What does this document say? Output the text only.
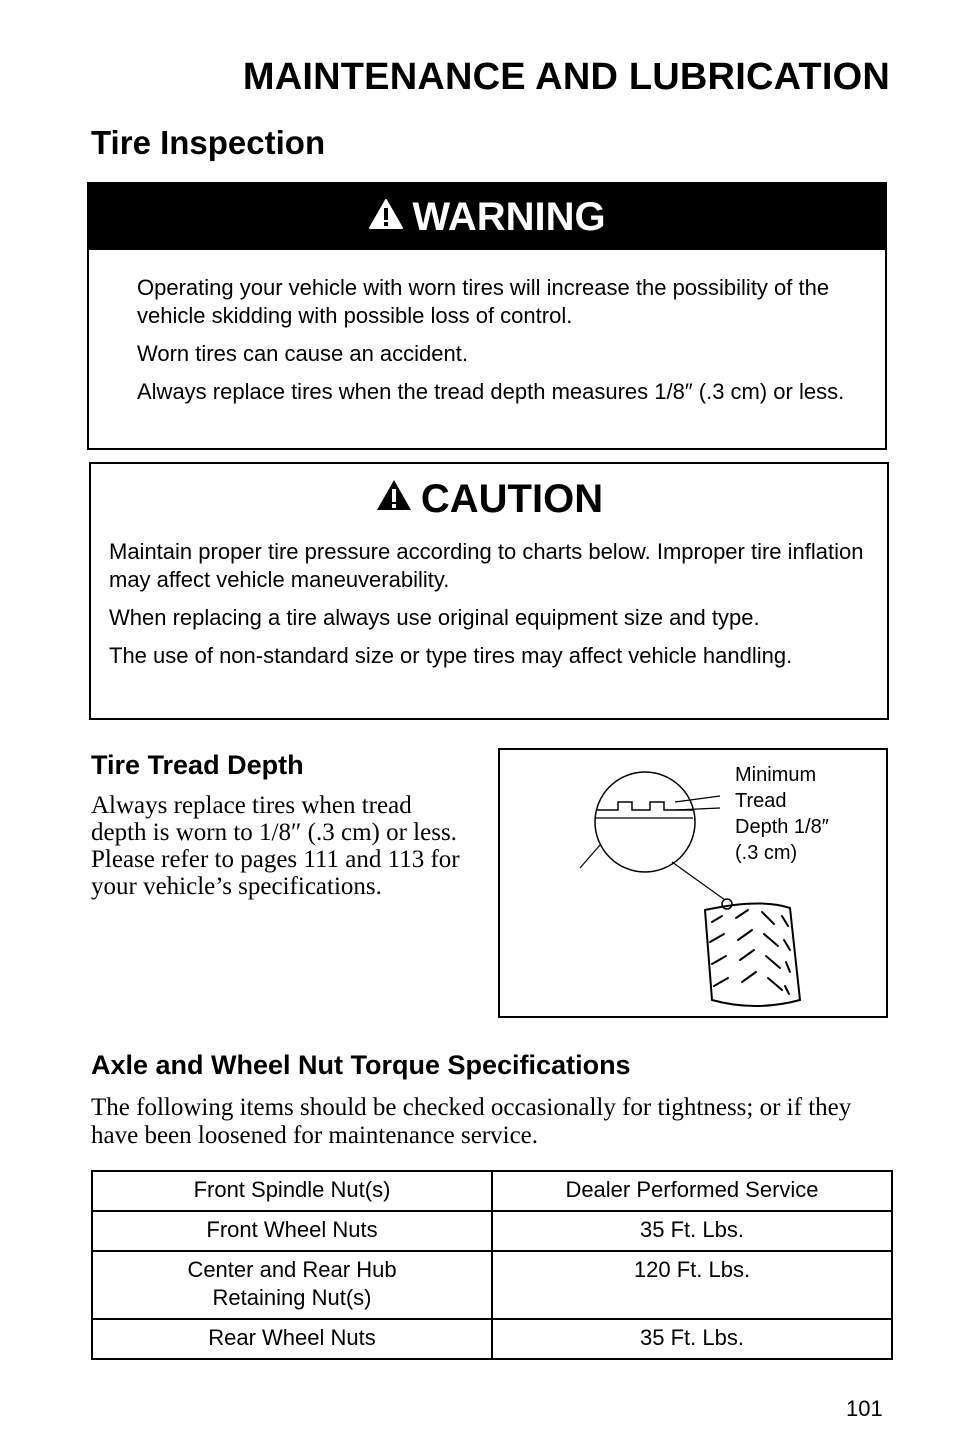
MAINTENANCE AND LUBRICATION
Tire Inspection
WARNING

Operating your vehicle with worn tires will increase the possibility of the vehicle skidding with possible loss of control.

Worn tires can cause an accident.

Always replace tires when the tread depth measures 1/8″ (.3 cm) or less.

CAUTION

Maintain proper tire pressure according to charts below. Improper tire inflation may affect vehicle maneuverability.

When replacing a tire always use original equipment size and type.

The use of non-standard size or type tires may affect vehicle handling.

Tire Tread Depth
Always replace tires when tread depth is worn to 1/8″ (.3 cm) or less. Please refer to pages 111 and 113 for your vehicle’s specifications.
Minimum
Tread
Depth 1/8″
(.3 cm)
Axle and Wheel Nut Torque Specifications
The following items should be checked occasionally for tightness; or if they have been loosened for maintenance service.
Front Spindle Nut(s)	Dealer Performed Service
Front Wheel Nuts	35 Ft. Lbs.
Center and Rear Hub
Retaining Nut(s)	120 Ft. Lbs.
Rear Wheel Nuts	35 Ft. Lbs.
101
